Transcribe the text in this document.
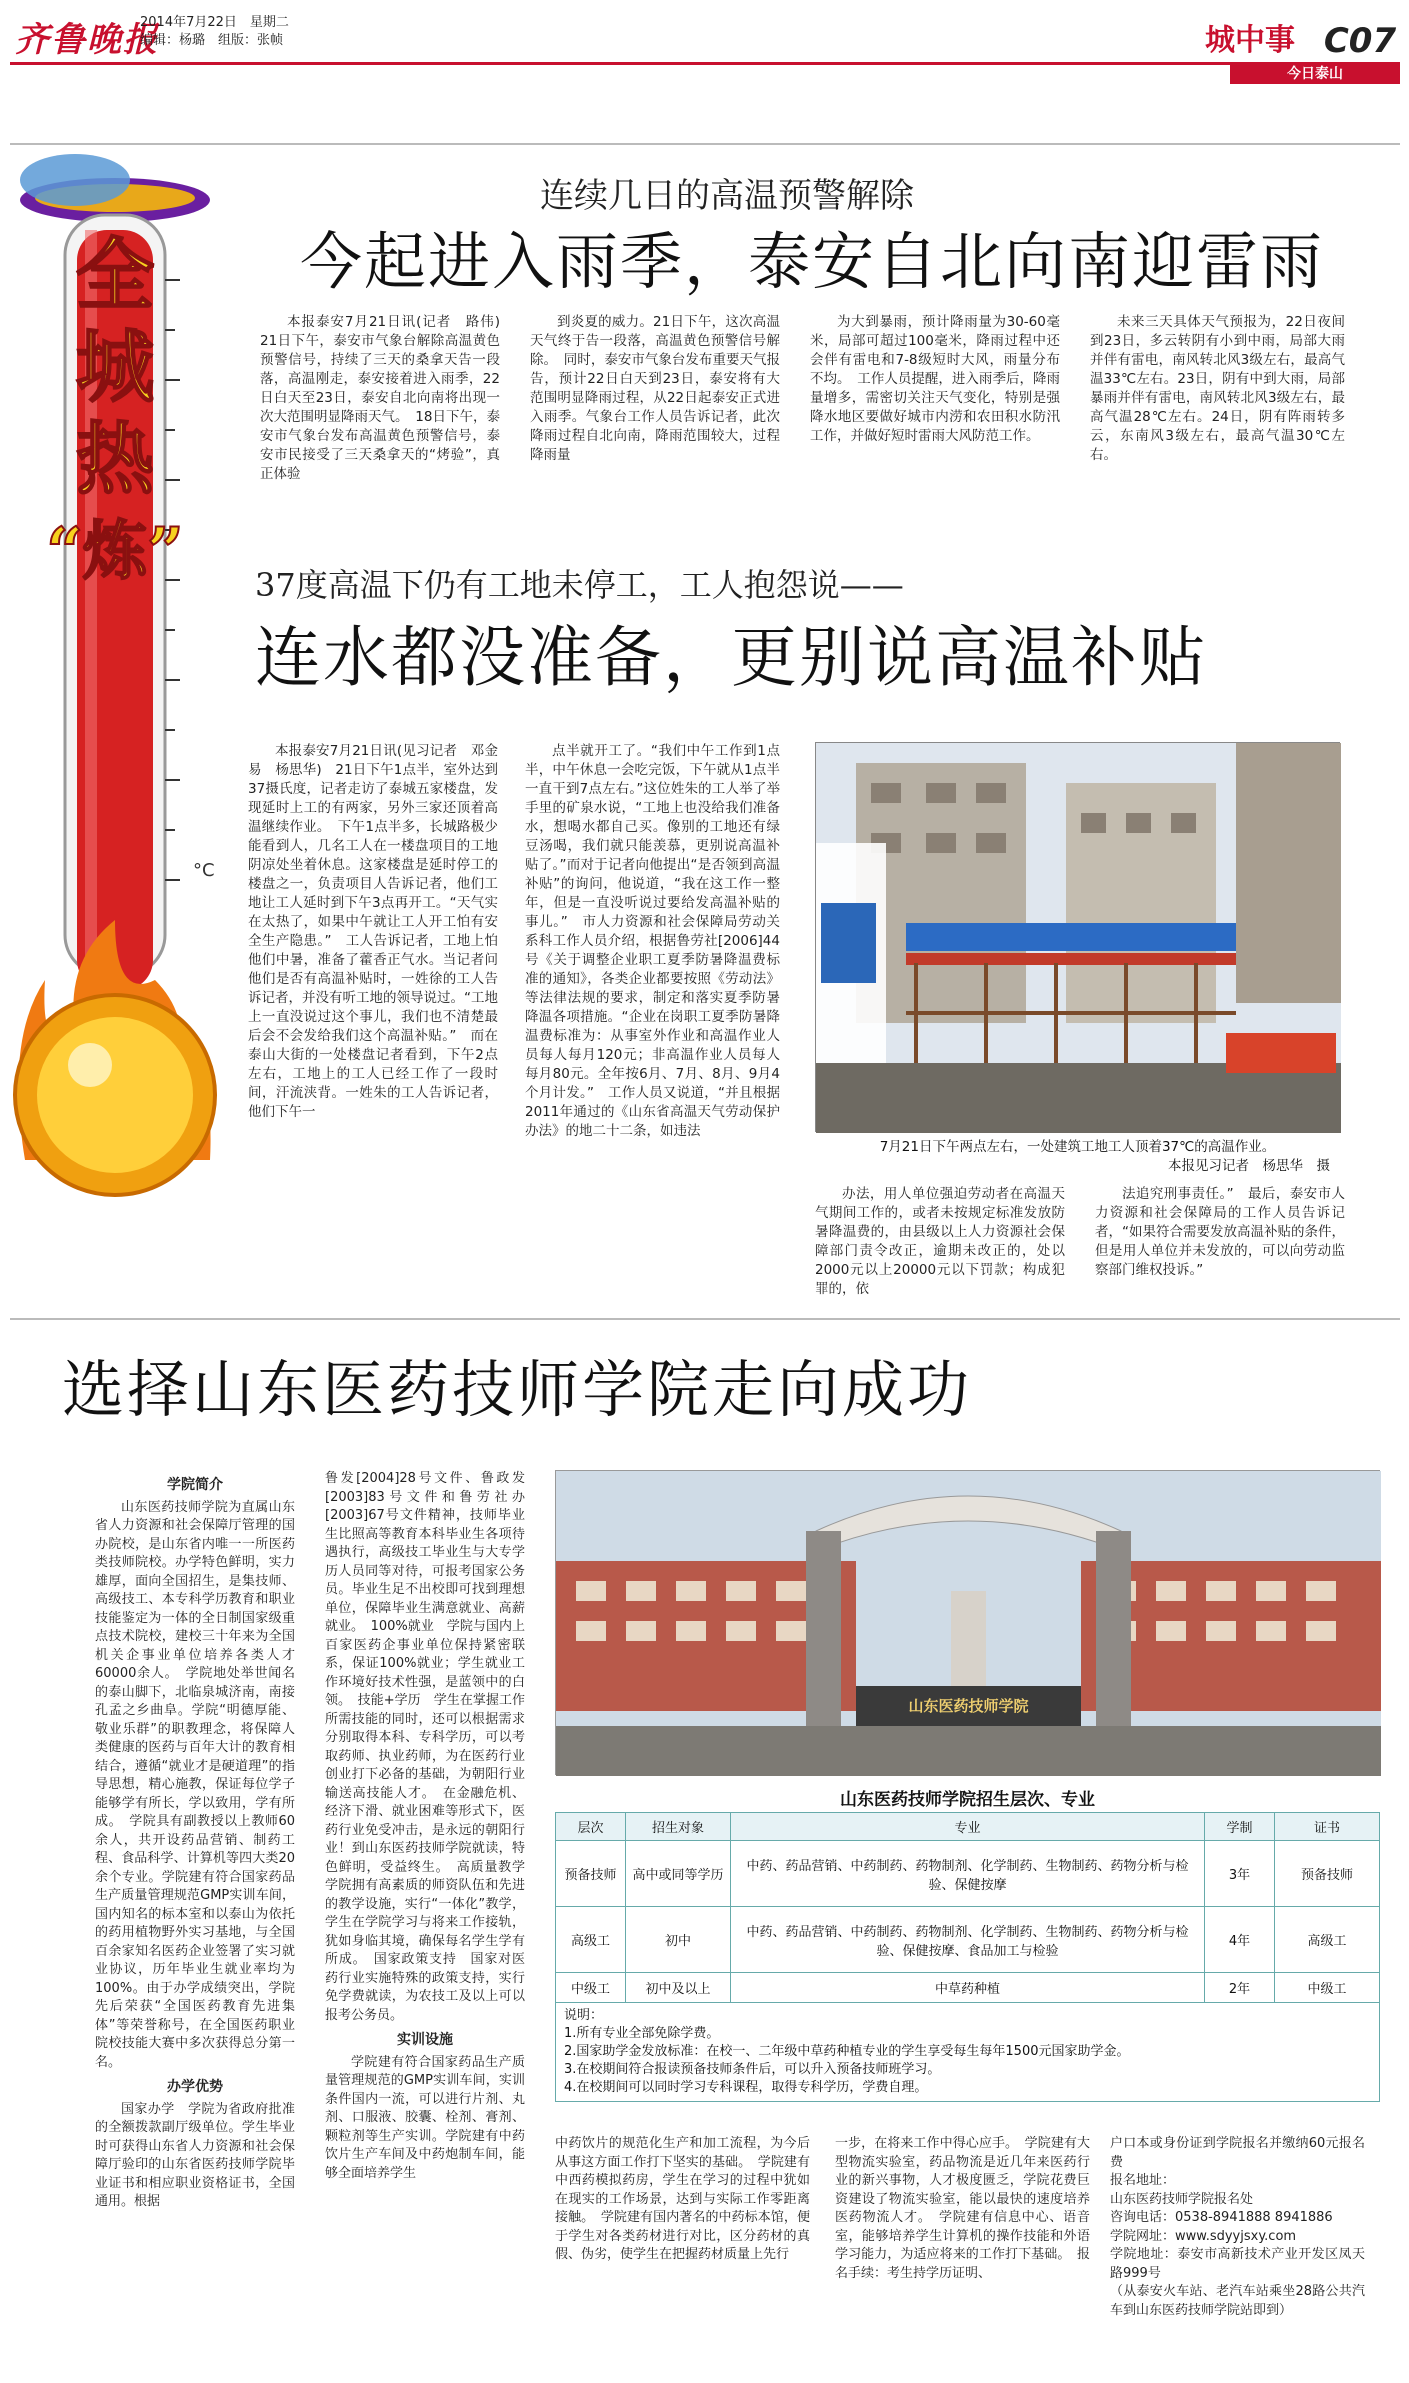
齐鲁晚报
2014年7月22日　星期二
编辑：杨璐　组版：张帧	城中事 C07
今日泰山
全
城
热
“炼”
°C
连续几日的高温预警解除
今起进入雨季，泰安自北向南迎雷雨

本报泰安7月21日讯(记者　路伟)　21日下午，泰安市气象台解除高温黄色预警信号，持续了三天的桑拿天告一段落，高温刚走，泰安接着进入雨季，22日白天至23日，泰安自北向南将出现一次大范围明显降雨天气。　18日下午，泰安市气象台发布高温黄色预警信号，泰安市民接受了三天桑拿天的“烤验”，真正体验

到炎夏的威力。21日下午，这次高温天气终于告一段落，高温黄色预警信号解除。　同时，泰安市气象台发布重要天气报告，预计22日白天到23日，泰安将有大范围明显降雨过程，从22日起泰安正式进入雨季。气象台工作人员告诉记者，此次降雨过程自北向南，降雨范围较大，过程降雨量

为大到暴雨，预计降雨量为30-60毫米，局部可超过100毫米，降雨过程中还会伴有雷电和7-8级短时大风，雨量分布不均。　工作人员提醒，进入雨季后，降雨量增多，需密切关注天气变化，特别是强降水地区要做好城市内涝和农田积水防汛工作，并做好短时雷雨大风防范工作。

未来三天具体天气预报为，22日夜间到23日，多云转阴有小到中雨，局部大雨并伴有雷电，南风转北风3级左右，最高气温33℃左右。23日，阴有中到大雨，局部暴雨并伴有雷电，南风转北风3级左右，最高气温28℃左右。24日，阴有阵雨转多云，东南风3级左右，最高气温30℃左右。

37度高温下仍有工地未停工，工人抱怨说——
连水都没准备，更别说高温补贴

本报泰安7月21日讯(见习记者　邓金易　杨思华)　21日下午1点半，室外达到37摄氏度，记者走访了泰城五家楼盘，发现延时上工的有两家，另外三家还顶着高温继续作业。　下午1点半多，长城路极少能看到人，几名工人在一楼盘项目的工地阴凉处坐着休息。这家楼盘是延时停工的楼盘之一，负责项目人告诉记者，他们工地让工人延时到下午3点再开工。“天气实在太热了，如果中午就让工人开工怕有安全生产隐患。”　工人告诉记者，工地上怕他们中暑，准备了藿香正气水。当记者问他们是否有高温补贴时，一姓徐的工人告诉记者，并没有听工地的领导说过。“工地上一直没说过这个事儿，我们也不清楚最后会不会发给我们这个高温补贴。”　而在泰山大街的一处楼盘记者看到，下午2点左右，工地上的工人已经工作了一段时间，汗流浃背。一姓朱的工人告诉记者，他们下午一

点半就开工了。“我们中午工作到1点半，中午休息一会吃完饭，下午就从1点半一直干到7点左右。”这位姓朱的工人举了举手里的矿泉水说，“工地上也没给我们准备水，想喝水都自己买。像别的工地还有绿豆汤喝，我们就只能羡慕，更别说高温补贴了。”而对于记者向他提出“是否领到高温补贴”的询问，他说道，“我在这工作一整年，但是一直没听说过要给发高温补贴的事儿。”　市人力资源和社会保障局劳动关系科工作人员介绍，根据鲁劳社[2006]44号《关于调整企业职工夏季防暑降温费标准的通知》，各类企业都要按照《劳动法》等法律法规的要求，制定和落实夏季防暑降温各项措施。“企业在岗职工夏季防暑降温费标准为：从事室外作业和高温作业人员每人每月120元；非高温作业人员每人每月80元。全年按6月、7月、8月、9月4个月计发。”　工作人员又说道，“并且根据2011年通过的《山东省高温天气劳动保护办法》的地二十二条，如违法

7月21日下午两点左右，一处建筑工地工人顶着37℃的高温作业。
本报见习记者　杨思华　摄

办法，用人单位强迫劳动者在高温天气期间工作的，或者未按规定标准发放防暑降温费的，由县级以上人力资源社会保障部门责令改正，逾期未改正的，处以2000元以上20000元以下罚款；构成犯罪的，依

法追究刑事责任。”　最后，泰安市人力资源和社会保障局的工作人员告诉记者，“如果符合需要发放高温补贴的条件，但是用人单位并未发放的，可以向劳动监察部门维权投诉。”

选择山东医药技师学院走向成功
学院简介

山东医药技师学院为直属山东省人力资源和社会保障厅管理的国办院校，是山东省内唯一一所医药类技师院校。办学特色鲜明，实力雄厚，面向全国招生，是集技师、高级技工、本专科学历教育和职业技能鉴定为一体的全日制国家级重点技术院校，建校三十年来为全国机关企事业单位培养各类人才60000余人。　学院地处举世闻名的泰山脚下，北临泉城济南，南接孔孟之乡曲阜。学院“明德厚能、敬业乐群”的职教理念，将保障人类健康的医药与百年大计的教育相结合，遵循“就业才是硬道理”的指导思想，精心施教，保证每位学子能够学有所长，学以致用，学有所成。　学院具有副教授以上教师60余人，共开设药品营销、制药工程、食品科学、计算机等四大类20余个专业。学院建有符合国家药品生产质量管理规范GMP实训车间，国内知名的标本室和以泰山为依托的药用植物野外实习基地，与全国百余家知名医药企业签署了实习就业协议，历年毕业生就业率均为100%。由于办学成绩突出，学院先后荣获“全国医药教育先进集体”等荣誉称号，在全国医药职业院校技能大赛中多次获得总分第一名。

办学优势

国家办学　学院为省政府批准的全额拨款副厅级单位。学生毕业时可获得山东省人力资源和社会保障厅验印的山东省医药技师学院毕业证书和相应职业资格证书，全国通用。根据

鲁发[2004]28号文件、鲁政发[2003]83号文件和鲁劳社办[2003]67号文件精神，技师毕业生比照高等教育本科毕业生各项待遇执行，高级技工毕业生与大专学历人员同等对待，可报考国家公务员。毕业生足不出校即可找到理想单位，保障毕业生满意就业、高薪就业。　100%就业　学院与国内上百家医药企事业单位保持紧密联系，保证100%就业；学生就业工作环境好技术性强，是蓝领中的白领。　技能+学历　学生在掌握工作所需技能的同时，还可以根据需求分别取得本科、专科学历，可以考取药师、执业药师，为在医药行业创业打下必备的基础，为朝阳行业输送高技能人才。　在金融危机、经济下滑、就业困难等形式下，医药行业免受冲击，是永远的朝阳行业！到山东医药技师学院就读，特色鲜明，受益终生。　高质量教学　学院拥有高素质的师资队伍和先进的教学设施，实行“一体化”教学，学生在学院学习与将来工作接轨，犹如身临其境，确保每名学生学有所成。　国家政策支持　国家对医药行业实施特殊的政策支持，实行免学费就读，为农技工及以上可以报考公务员。

实训设施

学院建有符合国家药品生产质量管理规范的GMP实训车间，实训条件国内一流，可以进行片剂、丸剂、口服液、胶囊、栓剂、膏剂、颗粒剂等生产实训。学院建有中药饮片生产车间及中药炮制车间，能够全面培养学生

山东医药技师学院
山东医药技师学院招生层次、专业
层次	招生对象	专业	学制	证书
预备技师	高中或同等学历	中药、药品营销、中药制药、药物制剂、化学制药、生物制药、药物分析与检验、保健按摩	3年	预备技师
高级工	初中	中药、药品营销、中药制药、药物制剂、化学制药、生物制药、药物分析与检验、保健按摩、食品加工与检验	4年	高级工
中级工	初中及以上	中草药种植	2年	中级工
说明：
1.所有专业全部免除学费。
2.国家助学金发放标准：在校一、二年级中草药种植专业的学生享受每生每年1500元国家助学金。
3.在校期间符合报读预备技师条件后，可以升入预备技师班学习。
4.在校期间可以同时学习专科课程，取得专科学历，学费自理。

中药饮片的规范化生产和加工流程，为今后从事这方面工作打下坚实的基础。　学院建有中西药模拟药房，学生在学习的过程中犹如在现实的工作场景，达到与实际工作零距离接触。　学院建有国内著名的中药标本馆，便于学生对各类药材进行对比，区分药材的真假、伪劣，使学生在把握药材质量上先行

一步，在将来工作中得心应手。　学院建有大型物流实验室，药品物流是近几年来医药行业的新兴事物，人才极度匮乏，学院花费巨资建设了物流实验室，能以最快的速度培养医药物流人才。　学院建有信息中心、语音室，能够培养学生计算机的操作技能和外语学习能力，为适应将来的工作打下基础。　报名手续：考生持学历证明、

户口本或身份证到学院报名并缴纳60元报名费

报名地址：
山东医药技师学院报名处
咨询电话：0538-8941888 8941886
学院网址：www.sdyyjsxy.com
学院地址：泰安市高新技术产业开发区凤天路999号
（从泰安火车站、老汽车站乘坐28路公共汽车到山东医药技师学院站即到）
